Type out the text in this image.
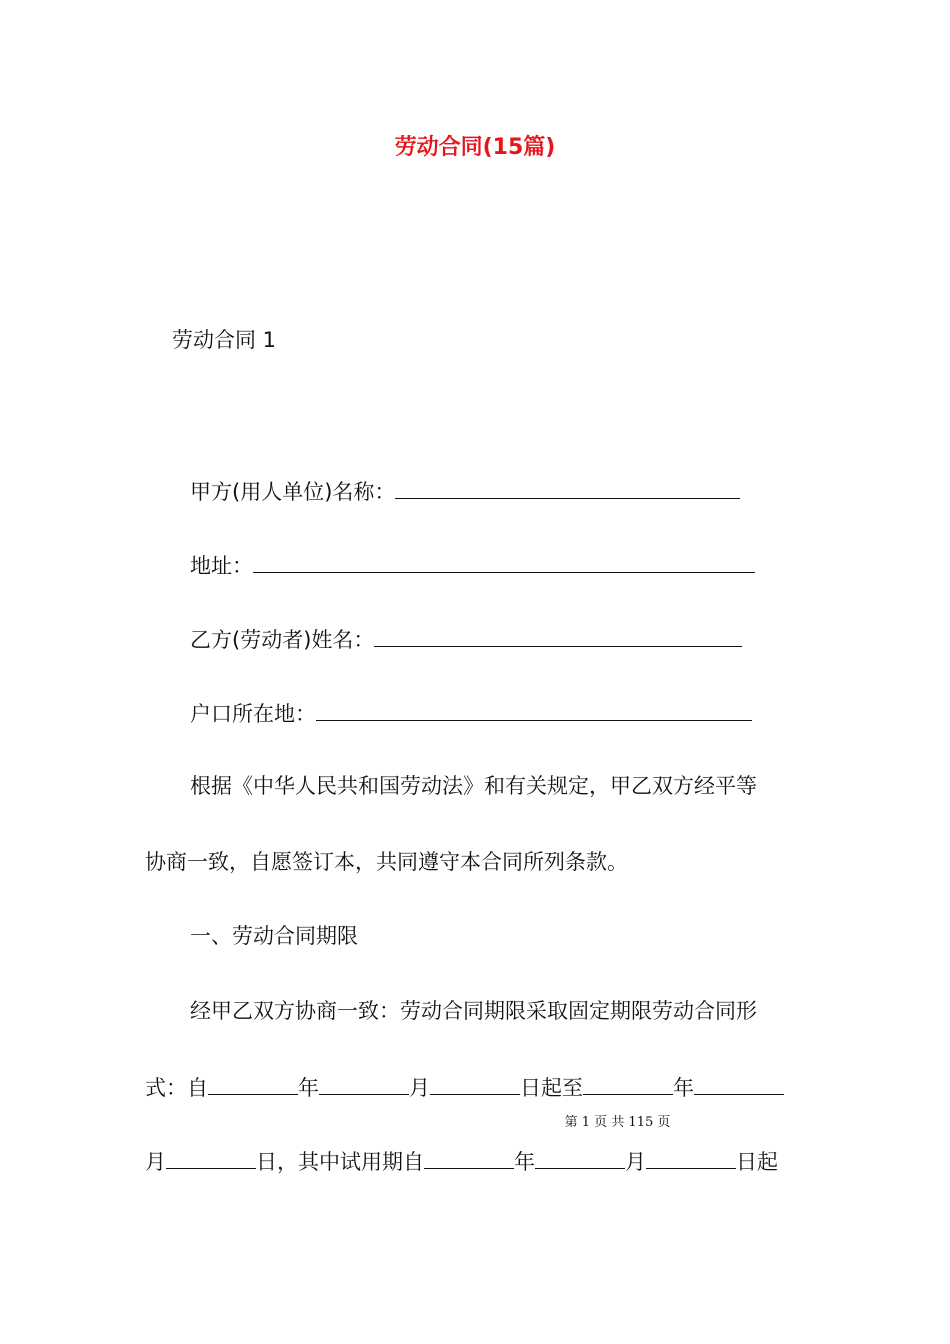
劳动合同(15篇)
劳动合同 1
甲方(用人单位)名称：
地址：
乙方(劳动者)姓名：
户口所在地：
根据《中华人民共和国劳动法》和有关规定，甲乙双方经平等
协商一致，自愿签订本，共同遵守本合同所列条款。
一、劳动合同期限
经甲乙双方协商一致：劳动合同期限采取固定期限劳动合同形
式：自	年	月	日起至	年
第 1 页 共 115 页
月	日，其中试用期自	年	月	日起
